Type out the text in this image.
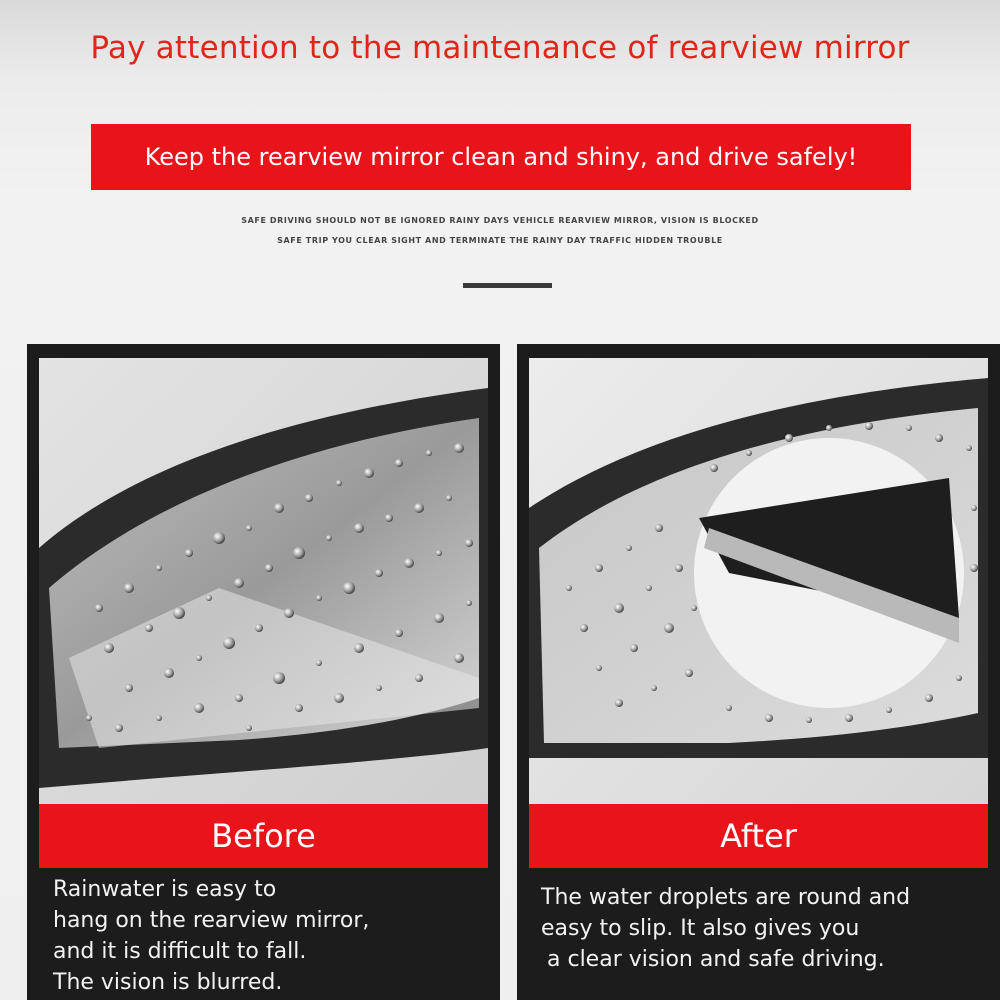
Pay attention to the maintenance of rearview mirror
Keep the rearview mirror clean and shiny, and drive safely!
SAFE DRIVING SHOULD NOT BE IGNORED RAINY DAYS VEHICLE REARVIEW MIRROR, VISION IS BLOCKED
SAFE TRIP YOU CLEAR SIGHT AND TERMINATE THE RAINY DAY TRAFFIC HIDDEN TROUBLE
Before
Rainwater is easy to
hang on the rearview mirror,
and it is difficult to fall.
The vision is blurred.
After
The water droplets are round and
easy to slip. It also gives you
a clear vision and safe driving.
